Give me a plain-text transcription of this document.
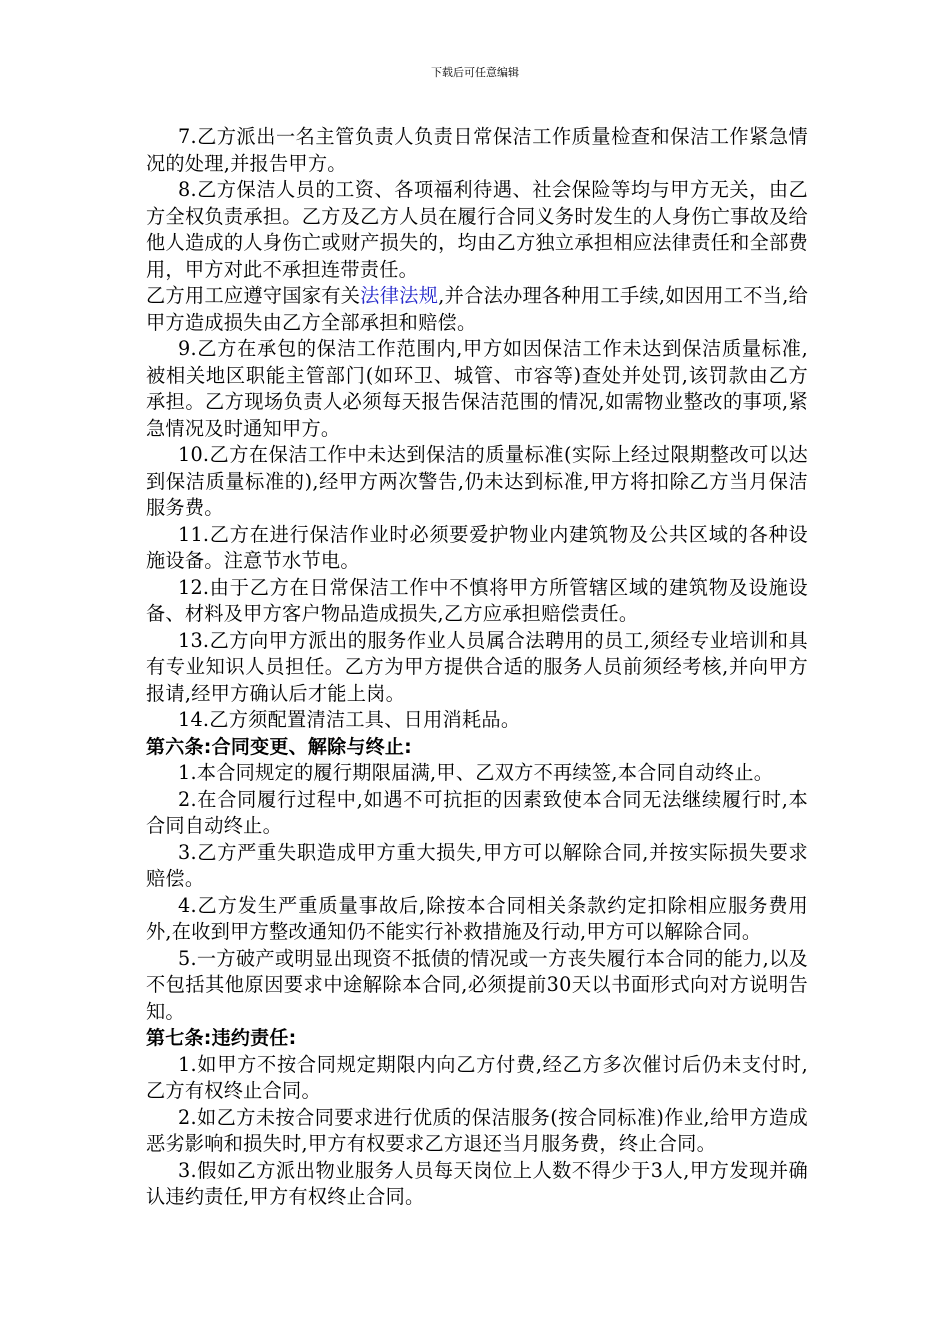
下载后可任意编辑

7.乙方派出一名主管负责人负责日常保洁工作质量检查和保洁工作紧急情况的处理,并报告甲方。

8.乙方保洁人员的工资、各项福利待遇、社会保险等均与甲方无关，由乙方全权负责承担。乙方及乙方人员在履行合同义务时发生的人身伤亡事故及给他人造成的人身伤亡或财产损失的，均由乙方独立承担相应法律责任和全部费用，甲方对此不承担连带责任。

乙方用工应遵守国家有关法律法规,并合法办理各种用工手续,如因用工不当,给甲方造成损失由乙方全部承担和赔偿。

9.乙方在承包的保洁工作范围内,甲方如因保洁工作未达到保洁质量标准,被相关地区职能主管部门(如环卫、城管、市容等)查处并处罚,该罚款由乙方承担。乙方现场负责人必须每天报告保洁范围的情况,如需物业整改的事项,紧急情况及时通知甲方。

10.乙方在保洁工作中未达到保洁的质量标准(实际上经过限期整改可以达到保洁质量标准的),经甲方两次警告,仍未达到标准,甲方将扣除乙方当月保洁服务费。

11.乙方在进行保洁作业时必须要爱护物业内建筑物及公共区域的各种设施设备。注意节水节电。

12.由于乙方在日常保洁工作中不慎将甲方所管辖区域的建筑物及设施设备、材料及甲方客户物品造成损失,乙方应承担赔偿责任。

13.乙方向甲方派出的服务作业人员属合法聘用的员工,须经专业培训和具有专业知识人员担任。乙方为甲方提供合适的服务人员前须经考核,并向甲方报请,经甲方确认后才能上岗。

14.乙方须配置清洁工具、日用消耗品。

第六条:合同变更、解除与终止:

1.本合同规定的履行期限届满,甲、乙双方不再续签,本合同自动终止。

2.在合同履行过程中,如遇不可抗拒的因素致使本合同无法继续履行时,本合同自动终止。

3.乙方严重失职造成甲方重大损失,甲方可以解除合同,并按实际损失要求赔偿。

4.乙方发生严重质量事故后,除按本合同相关条款约定扣除相应服务费用外,在收到甲方整改通知仍不能实行补救措施及行动,甲方可以解除合同。

5.一方破产或明显出现资不抵债的情况或一方丧失履行本合同的能力,以及不包括其他原因要求中途解除本合同,必须提前30天以书面形式向对方说明告知。

第七条:违约责任:

1.如甲方不按合同规定期限内向乙方付费,经乙方多次催讨后仍未支付时,乙方有权终止合同。

2.如乙方未按合同要求进行优质的保洁服务(按合同标准)作业,给甲方造成恶劣影响和损失时,甲方有权要求乙方退还当月服务费，终止合同。

3.假如乙方派出物业服务人员每天岗位上人数不得少于3人,甲方发现并确认违约责任,甲方有权终止合同。
